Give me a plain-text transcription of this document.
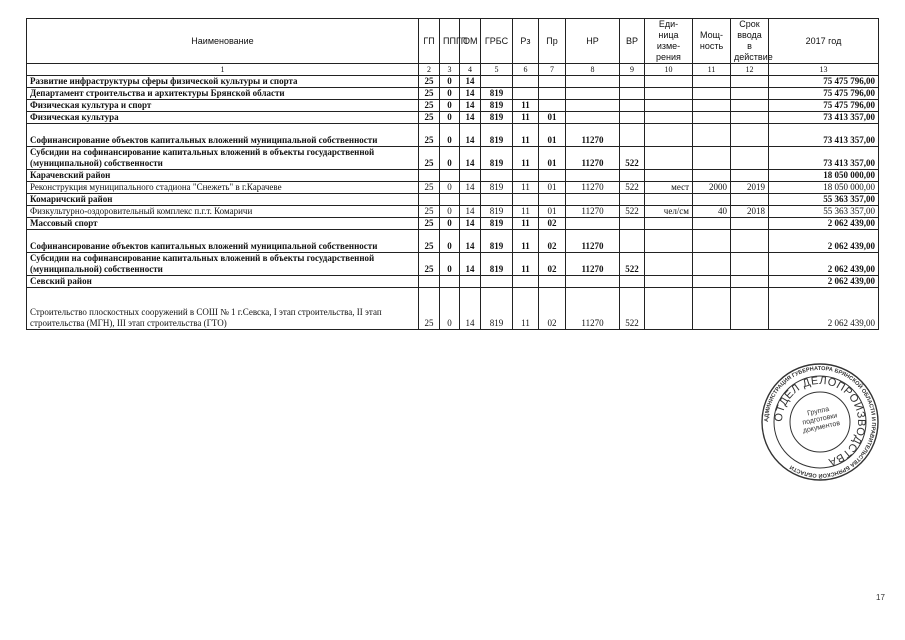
Наименование	ГП	ППГП	ОМ	ГРБС	Рз	Пр	НР	ВР	Еди- ница изме- рения	Мощ- ность	Срок ввода в действие	2017 год
1	2	3	4	5	6	7	8	9	10	11	12	13
Развитие инфраструктуры сферы физической культуры и спорта	25	0	14									75 475 796,00
Департамент строительства и архитектуры Брянской области	25	0	14	819								75 475 796,00
Физическая культура и спорт	25	0	14	819	11							75 475 796,00
Физическая культура	25	0	14	819	11	01						73 413 357,00
Софинансирование объектов капитальных вложений муниципальной собственности	25	0	14	819	11	01	11270					73 413 357,00
Субсидии на софинансирование капитальных вложений в объекты государственной (муниципальной) собственности	25	0	14	819	11	01	11270	522				73 413 357,00
Карачевский район												18 050 000,00
Реконструкция муниципального стадиона "Снежеть" в г.Карачеве	25	0	14	819	11	01	11270	522	мест	2000	2019	18 050 000,00
Комаричский район												55 363 357,00
Физкультурно-оздоровительный комплекс п.г.т. Комаричи	25	0	14	819	11	01	11270	522	чел/см	40	2018	55 363 357,00
Массовый спорт	25	0	14	819	11	02						2 062 439,00
Софинансирование объектов капитальных вложений муниципальной собственности	25	0	14	819	11	02	11270					2 062 439,00
Субсидии на софинансирование капитальных вложений в объекты государственной (муниципальной) собственности	25	0	14	819	11	02	11270	522				2 062 439,00
Севский район												2 062 439,00
Строительство плоскостных сооружений в СОШ № 1 г.Севска, I этап строительства, II этап строительства (МГН), III этап строительства (ГТО)	25	0	14	819	11	02	11270	522				2 062 439,00
АДМИНИСТРАЦИЯ ГУБЕРНАТОРА БРЯНСКОЙ ОБЛАСТИ И ПРАВИТЕЛЬСТВА БРЯНСКОЙ ОБЛАСТИ
ОТДЕЛ ДЕЛОПРОИЗВОДСТВА
Группа подготовки документов
17
